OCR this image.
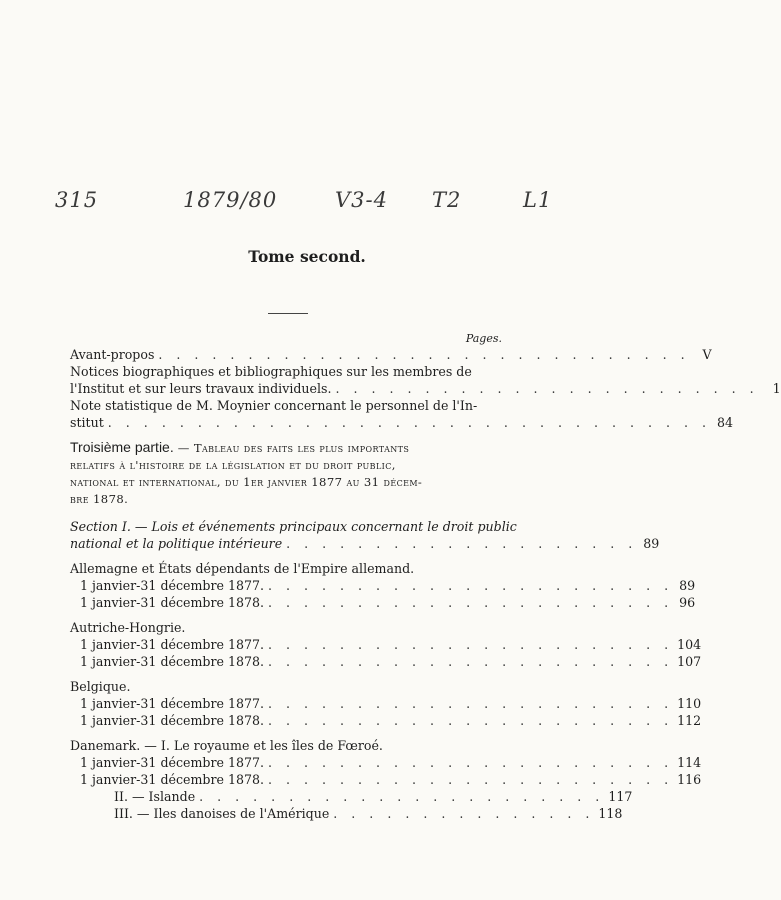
315	1879/80	V3-4 T2	L1
Tome second.
Pages.
Avant-propos . . . . . . . . . . . . . . . . . . . . . . . . . . . . . .	V
Notices biographiques et bibliographiques sur les membres de
l'Institut et sur leurs travaux individuels. . . . . . . . . . . . . . . . . . . . . . . . .	1
Note statistique de M. Moynier concernant le personnel de l'In-
stitut . . . . . . . . . . . . . . . . . . . . . . . . . . . . . . . . . . 84
Troisième partie. — Tableau des faits les plus importants
relatifs à l'histoire de la législation et du droit public,
national et international, du 1er janvier 1877 au 31 décem-
bre 1878.
Section I. — Lois et événements principaux concernant le droit public
national et la politique intérieure . . . . . . . . . . . . . . . . . . . . 89
Allemagne et États dépendants de l'Empire allemand.
1 janvier-31 décembre 1877. . . . . . . . . . . . . . . . . . . . . . . . 89
1 janvier-31 décembre 1878. . . . . . . . . . . . . . . . . . . . . . . . 96
Autriche-Hongrie.
1 janvier-31 décembre 1877. . . . . . . . . . . . . . . . . . . . . . . . 104
1 janvier-31 décembre 1878. . . . . . . . . . . . . . . . . . . . . . . . 107
Belgique.
1 janvier-31 décembre 1877. . . . . . . . . . . . . . . . . . . . . . . . 110
1 janvier-31 décembre 1878. . . . . . . . . . . . . . . . . . . . . . . . 112
Danemark. — I. Le royaume et les îles de Fœroé.
1 janvier-31 décembre 1877. . . . . . . . . . . . . . . . . . . . . . . . 114
1 janvier-31 décembre 1878. . . . . . . . . . . . . . . . . . . . . . . . 116
II. — Islande . . . . . . . . . . . . . . . . . . . . . . . 117
III. — Iles danoises de l'Amérique . . . . . . . . . . . . . . . 118
